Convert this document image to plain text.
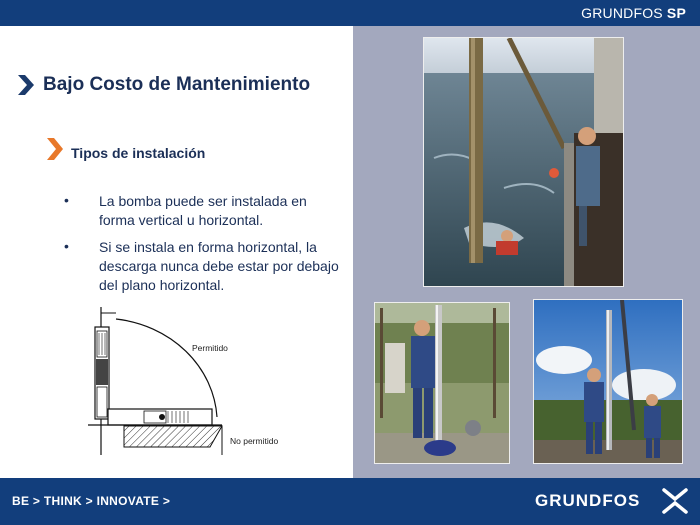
GRUNDFOS SP
Bajo Costo de Mantenimiento
Tipos de instalación
• La bomba puede ser instalada en forma vertical u horizontal.
• Si se instala en forma horizontal, la descarga nunca debe estar por debajo del plano horizontal.
Permitido
No permitido
BE > THINK > INNOVATE >	GRUNDFOS
